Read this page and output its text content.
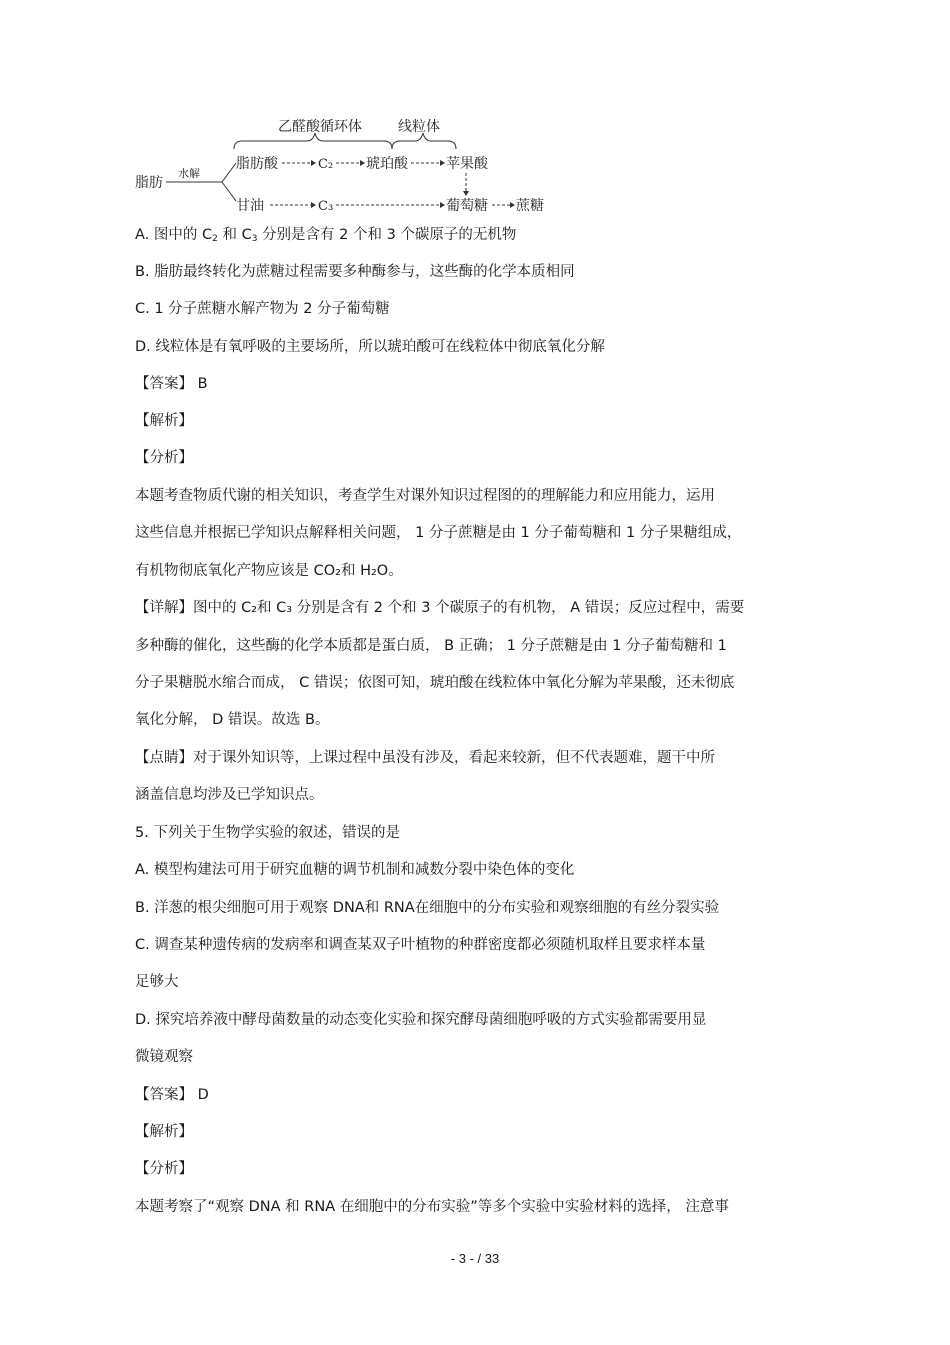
乙醛酸循环体	线粒体
脂肪
水解
脂肪酸	C₂ 琥珀酸	苹果酸
甘油	C₃	葡萄糖 蔗糖
A. 图中的 $C_2$ 和 $C_3$ 分别是含有 2 个和 3 个碳原子的无机物
B. 脂肪最终转化为蔗糖过程需要多种酶参与，这些酶的化学本质相同
C. 1 分子蔗糖水解产物为 2 分子葡萄糖
D. 线粒体是有氧呼吸的主要场所，所以琥珀酸可在线粒体中彻底氧化分解
【答案】 B
【解析】
【分析】
本题考查物质代谢的相关知识，考查学生对课外知识过程图的的理解能力和应用能力，运用
这些信息并根据已学知识点解释相关问题， 1 分子蔗糖是由 1 分子葡萄糖和 1 分子果糖组成，
有机物彻底氧化产物应该是 CO₂和 H₂O。
【详解】图中的 C₂和 C₃ 分别是含有 2 个和 3 个碳原子的有机物， A 错误；反应过程中，需要
多种酶的催化，这些酶的化学本质都是蛋白质， B 正确； 1 分子蔗糖是由 1 分子葡萄糖和 1
分子果糖脱水缩合而成， C 错误；依图可知，琥珀酸在线粒体中氧化分解为苹果酸，还未彻底
氧化分解， D 错误。故选 B。
【点睛】对于课外知识等，上课过程中虽没有涉及，看起来较新，但不代表题难，题干中所
涵盖信息均涉及已学知识点。
5. 下列关于生物学实验的叙述，错误的是
A. 模型构建法可用于研究血糖的调节机制和减数分裂中染色体的变化
B. 洋葱的根尖细胞可用于观察 DNA和 RNA在细胞中的分布实验和观察细胞的有丝分裂实验
C. 调查某种遗传病的发病率和调查某双子叶植物的种群密度都必须随机取样且要求样本量
足够大
D. 探究培养液中酵母菌数量的动态变化实验和探究酵母菌细胞呼吸的方式实验都需要用显
微镜观察
【答案】 D
【解析】
【分析】
本题考察了“观察 DNA 和 RNA 在细胞中的分布实验”等多个实验中实验材料的选择， 注意事
- 3 - / 33
